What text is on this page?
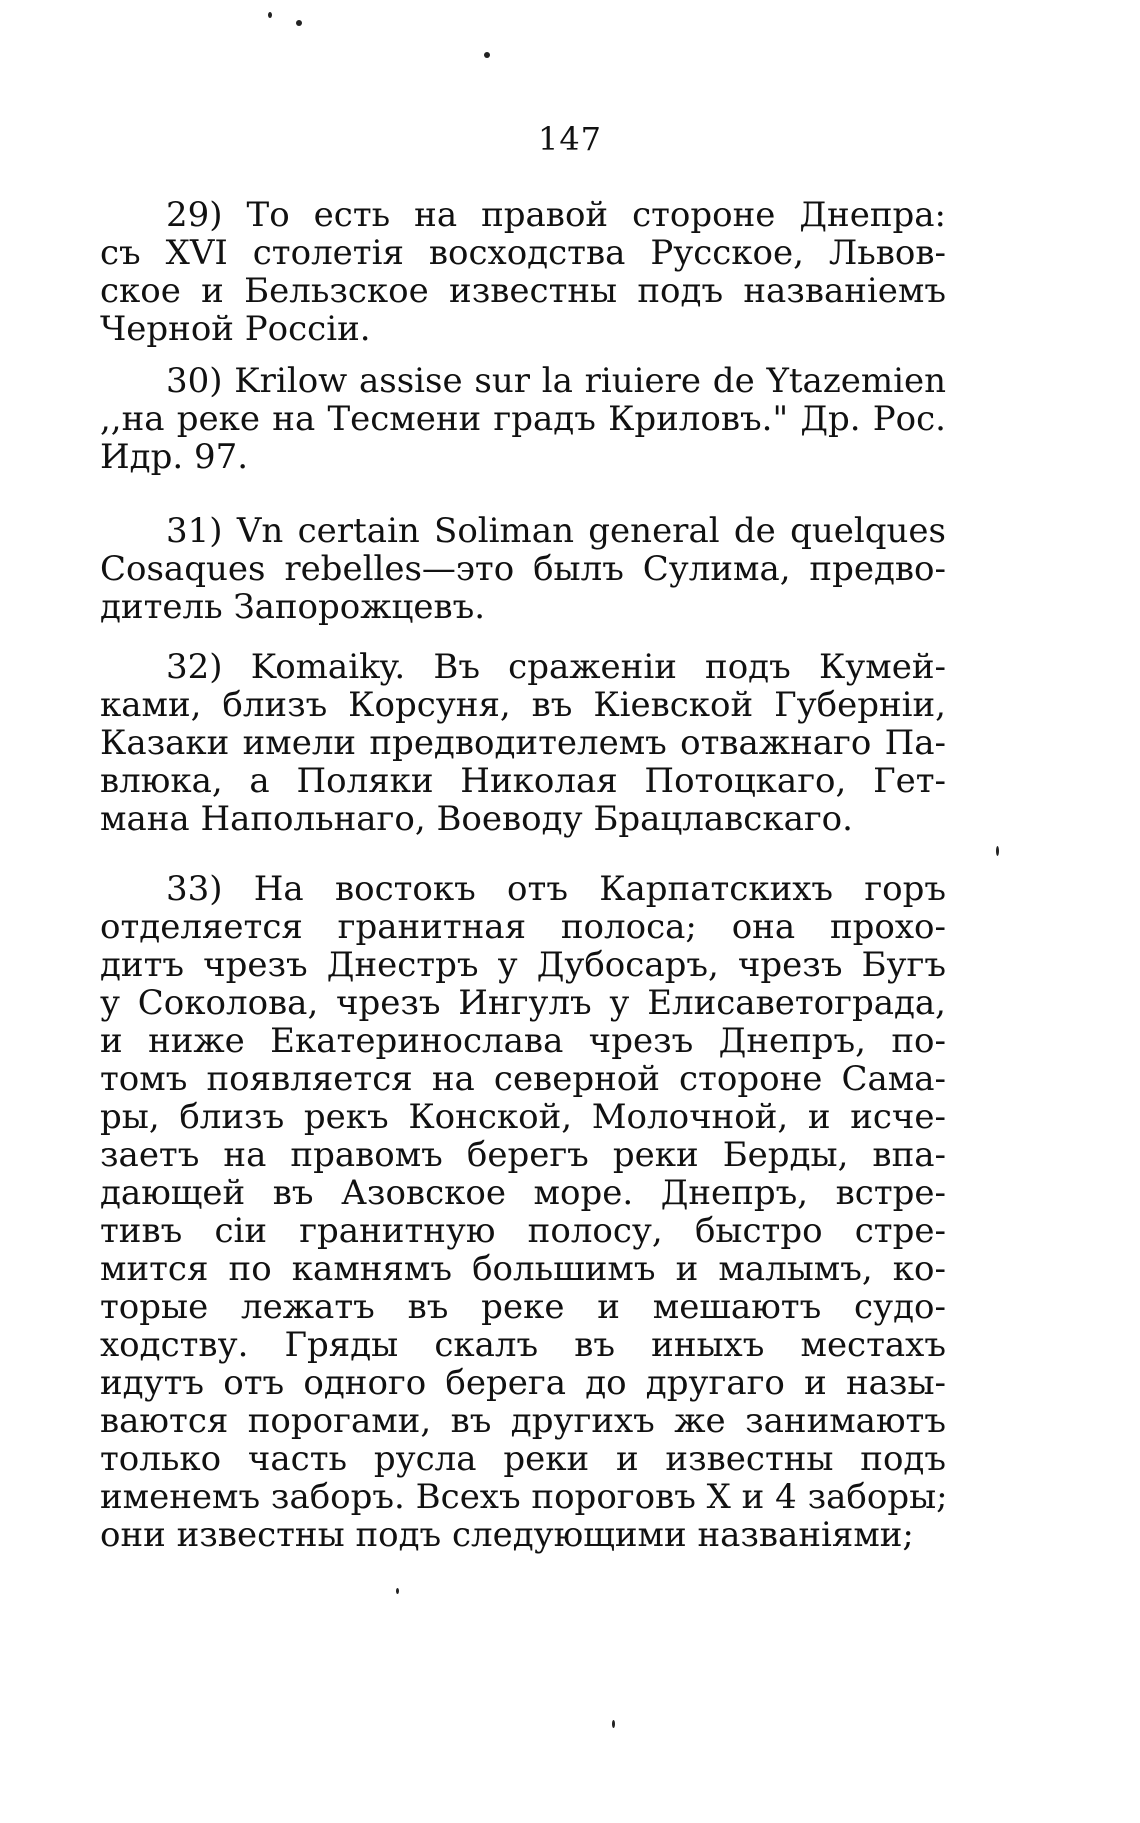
147
29) То есть на правой стороне Днепра:
съ XVI столетія восходства Русское, Львов-
ское и Бельзское известны подъ названіемъ
Черной Россіи.
30) Krilow assise sur la riuiere de Ytazemien
,,на реке на Тесмени градъ Криловъ." Др. Рос.
Идр. 97.
31) Vn certain Soliman general de quelques
Cosaques rebelles—это былъ Сулима, предво-
дитель Запорожцевъ.
32) Komaiky. Въ сраженіи подъ Кумей-
ками, близъ Корсуня, въ Кіевской Губерніи,
Казаки имели предводителемъ отважнаго Па-
влюка, а Поляки Николая Потоцкаго, Гет-
мана Напольнаго, Воеводу Брацлавскаго.
33) На востокъ отъ Карпатскихъ горъ
отделяется гранитная полоса; она прохо-
дитъ чрезъ Днестръ у Дубосаръ, чрезъ Бугъ
у Соколова, чрезъ Ингулъ у Елисаветограда,
и ниже Екатеринослава чрезъ Днепръ, по-
томъ появляется на северной стороне Сама-
ры, близъ рекъ Конской, Молочной, и исче-
заетъ на правомъ берегъ реки Берды, впа-
дающей въ Азовское море. Днепръ, встре-
тивъ сіи гранитную полосу, быстро стре-
мится по камнямъ большимъ и малымъ, ко-
торые лежатъ въ реке и мешаютъ судо-
ходству. Гряды скалъ въ иныхъ местахъ
идутъ отъ одного берега до другаго и назы-
ваются порогами, въ другихъ же занимаютъ
только часть русла реки и известны подъ
именемъ заборъ. Всехъ пороговъ X и 4 заборы;
они известны подъ следующими названіями;
